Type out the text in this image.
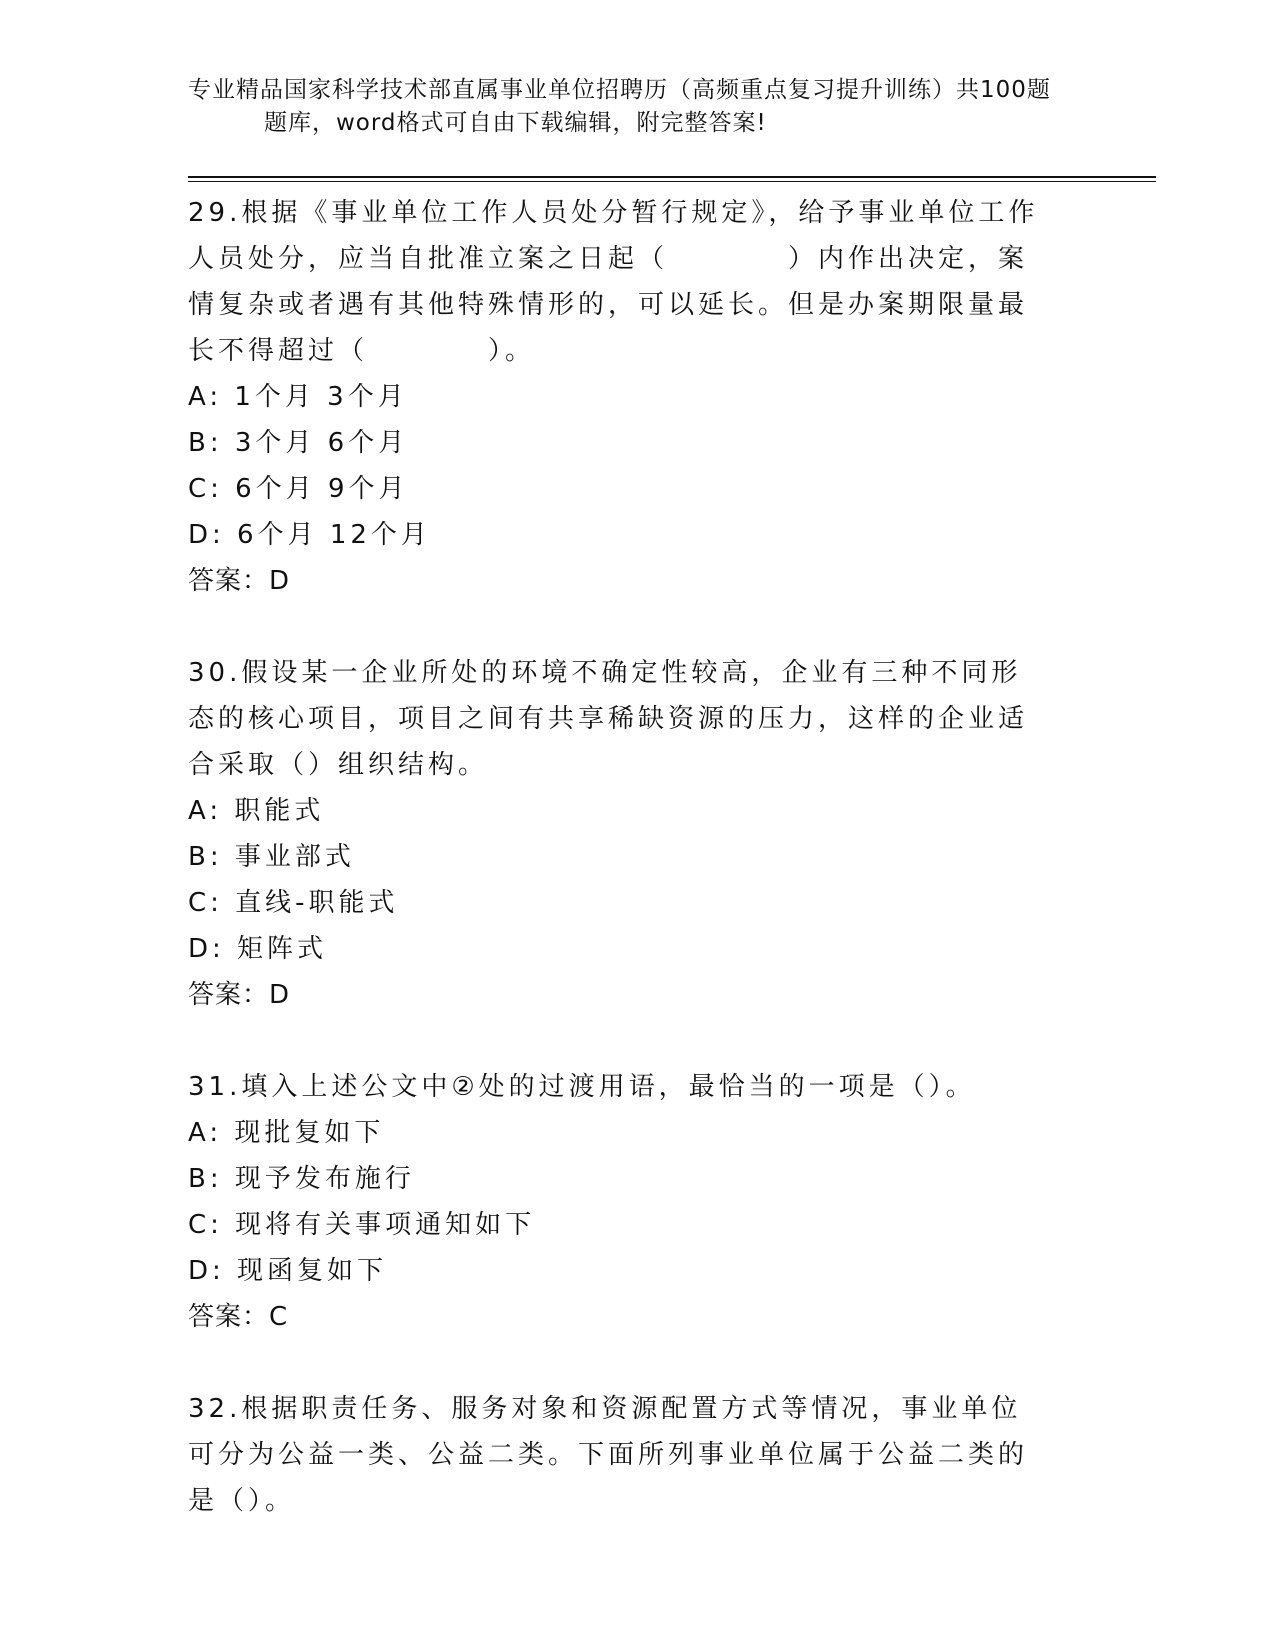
专业精品国家科学技术部直属事业单位招聘历（高频重点复习提升训练）共100题
题库，word格式可自由下载编辑，附完整答案!

29.根据《事业单位工作人员处分暂行规定》，给予事业单位工作人员处分，应当自批准立案之日起（　　　　）内作出决定，案情复杂或者遇有其他特殊情形的，可以延长。但是办案期限量最长不得超过（　　　　）。

A: 1个月 3个月

B: 3个月 6个月

C: 6个月 9个月

D: 6个月 12个月

答案：D

30.假设某一企业所处的环境不确定性较高，企业有三种不同形态的核心项目，项目之间有共享稀缺资源的压力，这样的企业适合采取（）组织结构。

A: 职能式

B: 事业部式

C: 直线-职能式

D: 矩阵式

答案：D

31.填入上述公文中②处的过渡用语，最恰当的一项是（）。

A: 现批复如下

B: 现予发布施行

C: 现将有关事项通知如下

D: 现函复如下

答案：C

32.根据职责任务、服务对象和资源配置方式等情况，事业单位可分为公益一类、公益二类。下面所列事业单位属于公益二类的是（）。
